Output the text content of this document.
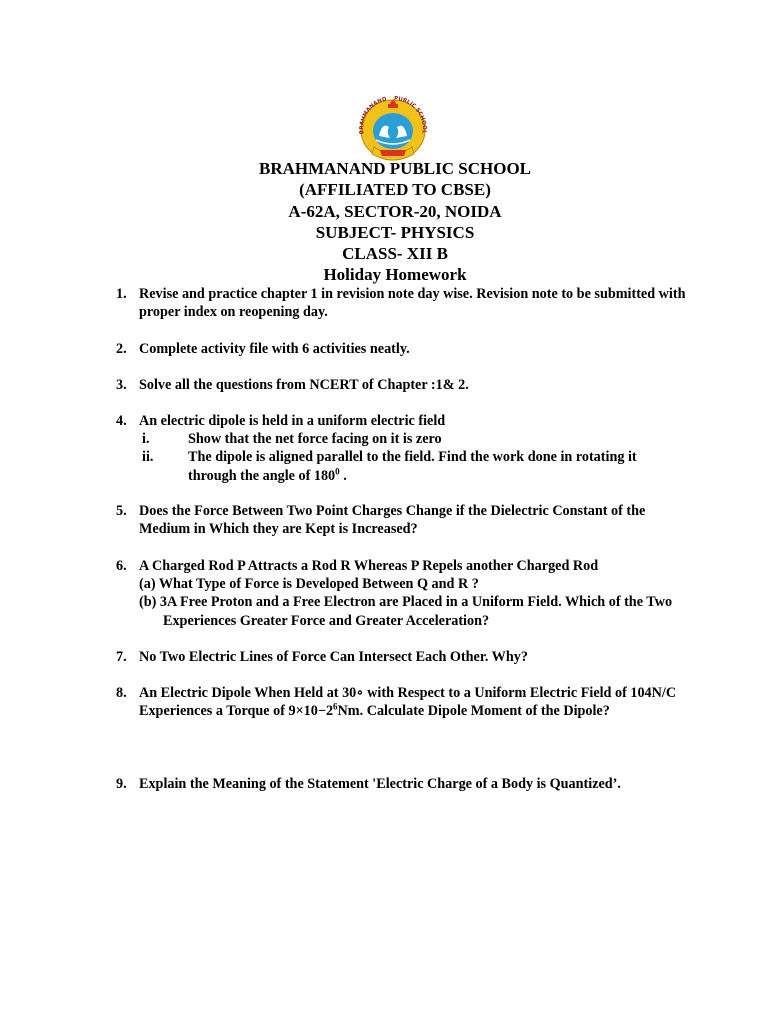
BRAHMANAND PUBLIC SCHOOL
BRAHMANAND PUBLIC SCHOOL
(AFFILIATED TO CBSE)
A-62A, SECTOR-20, NOIDA
SUBJECT- PHYSICS
CLASS- XII B
Holiday Homework
1. Revise and practice chapter 1 in revision note day wise. Revision note to be submitted with proper index on reopening day.
2. Complete activity file with 6 activities neatly.
3. Solve all the questions from NCERT of Chapter :1& 2.
4. An electric dipole is held in a uniform electric field
i.	Show that the net force facing on it is zero
ii. The dipole is aligned parallel to the field. Find the work done in rotating it through the angle of $180^0$ .
5. Does the Force Between Two Point Charges Change if the Dielectric Constant of the Medium in Which they are Kept is Increased?
6. A Charged Rod P Attracts a Rod R Whereas P Repels another Charged Rod
(a) What Type of Force is Developed Between Q and R ?
(b) 3A Free Proton and a Free Electron are Placed in a Uniform Field. Which of the Two Experiences Greater Force and Greater Acceleration?
7. No Two Electric Lines of Force Can Intersect Each Other. Why?
8. An Electric Dipole When Held at 30∘ with Respect to a Uniform Electric Field of 104N/C Experiences a Torque of $9\times 10-2^6Nm$. Calculate Dipole Moment of the Dipole?
9. Explain the Meaning of the Statement 'Electric Charge of a Body is Quantized’.
